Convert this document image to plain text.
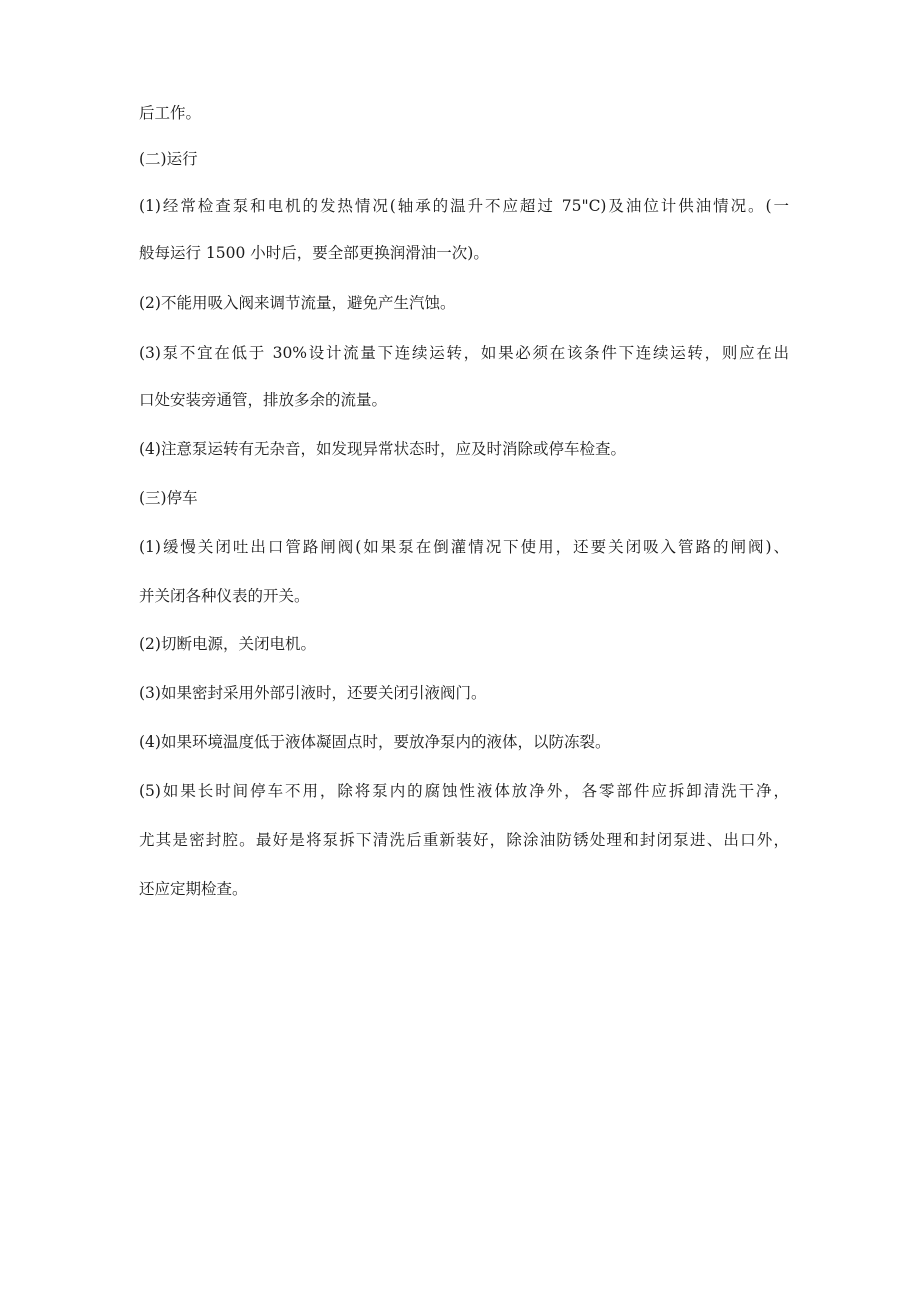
后工作。
(二)运行
(1)经常检查泵和电机的发热情况(轴承的温升不应超过 75"C)及油位计供油情况。(一
般每运行 1500 小时后，要全部更换润滑油一次)。
(2)不能用吸入阀来调节流量，避免产生汽蚀。
(3)泵不宜在低于 30%设计流量下连续运转，如果必须在该条件下连续运转，则应在出
口处安装旁通管，排放多余的流量。
(4)注意泵运转有无杂音，如发现异常状态时，应及时消除或停车检查。
(三)停车
(1)缓慢关闭吐出口管路闸阀(如果泵在倒灌情况下使用，还要关闭吸入管路的闸阀)、
并关闭各种仪表的开关。
(2)切断电源，关闭电机。
(3)如果密封采用外部引液时，还要关闭引液阀门。
(4)如果环境温度低于液体凝固点时，要放净泵内的液体，以防冻裂。
(5)如果长时间停车不用，除将泵内的腐蚀性液体放净外，各零部件应拆卸清洗干净，
尤其是密封腔。最好是将泵拆下清洗后重新装好，除涂油防锈处理和封闭泵进、出口外，
还应定期检查。
